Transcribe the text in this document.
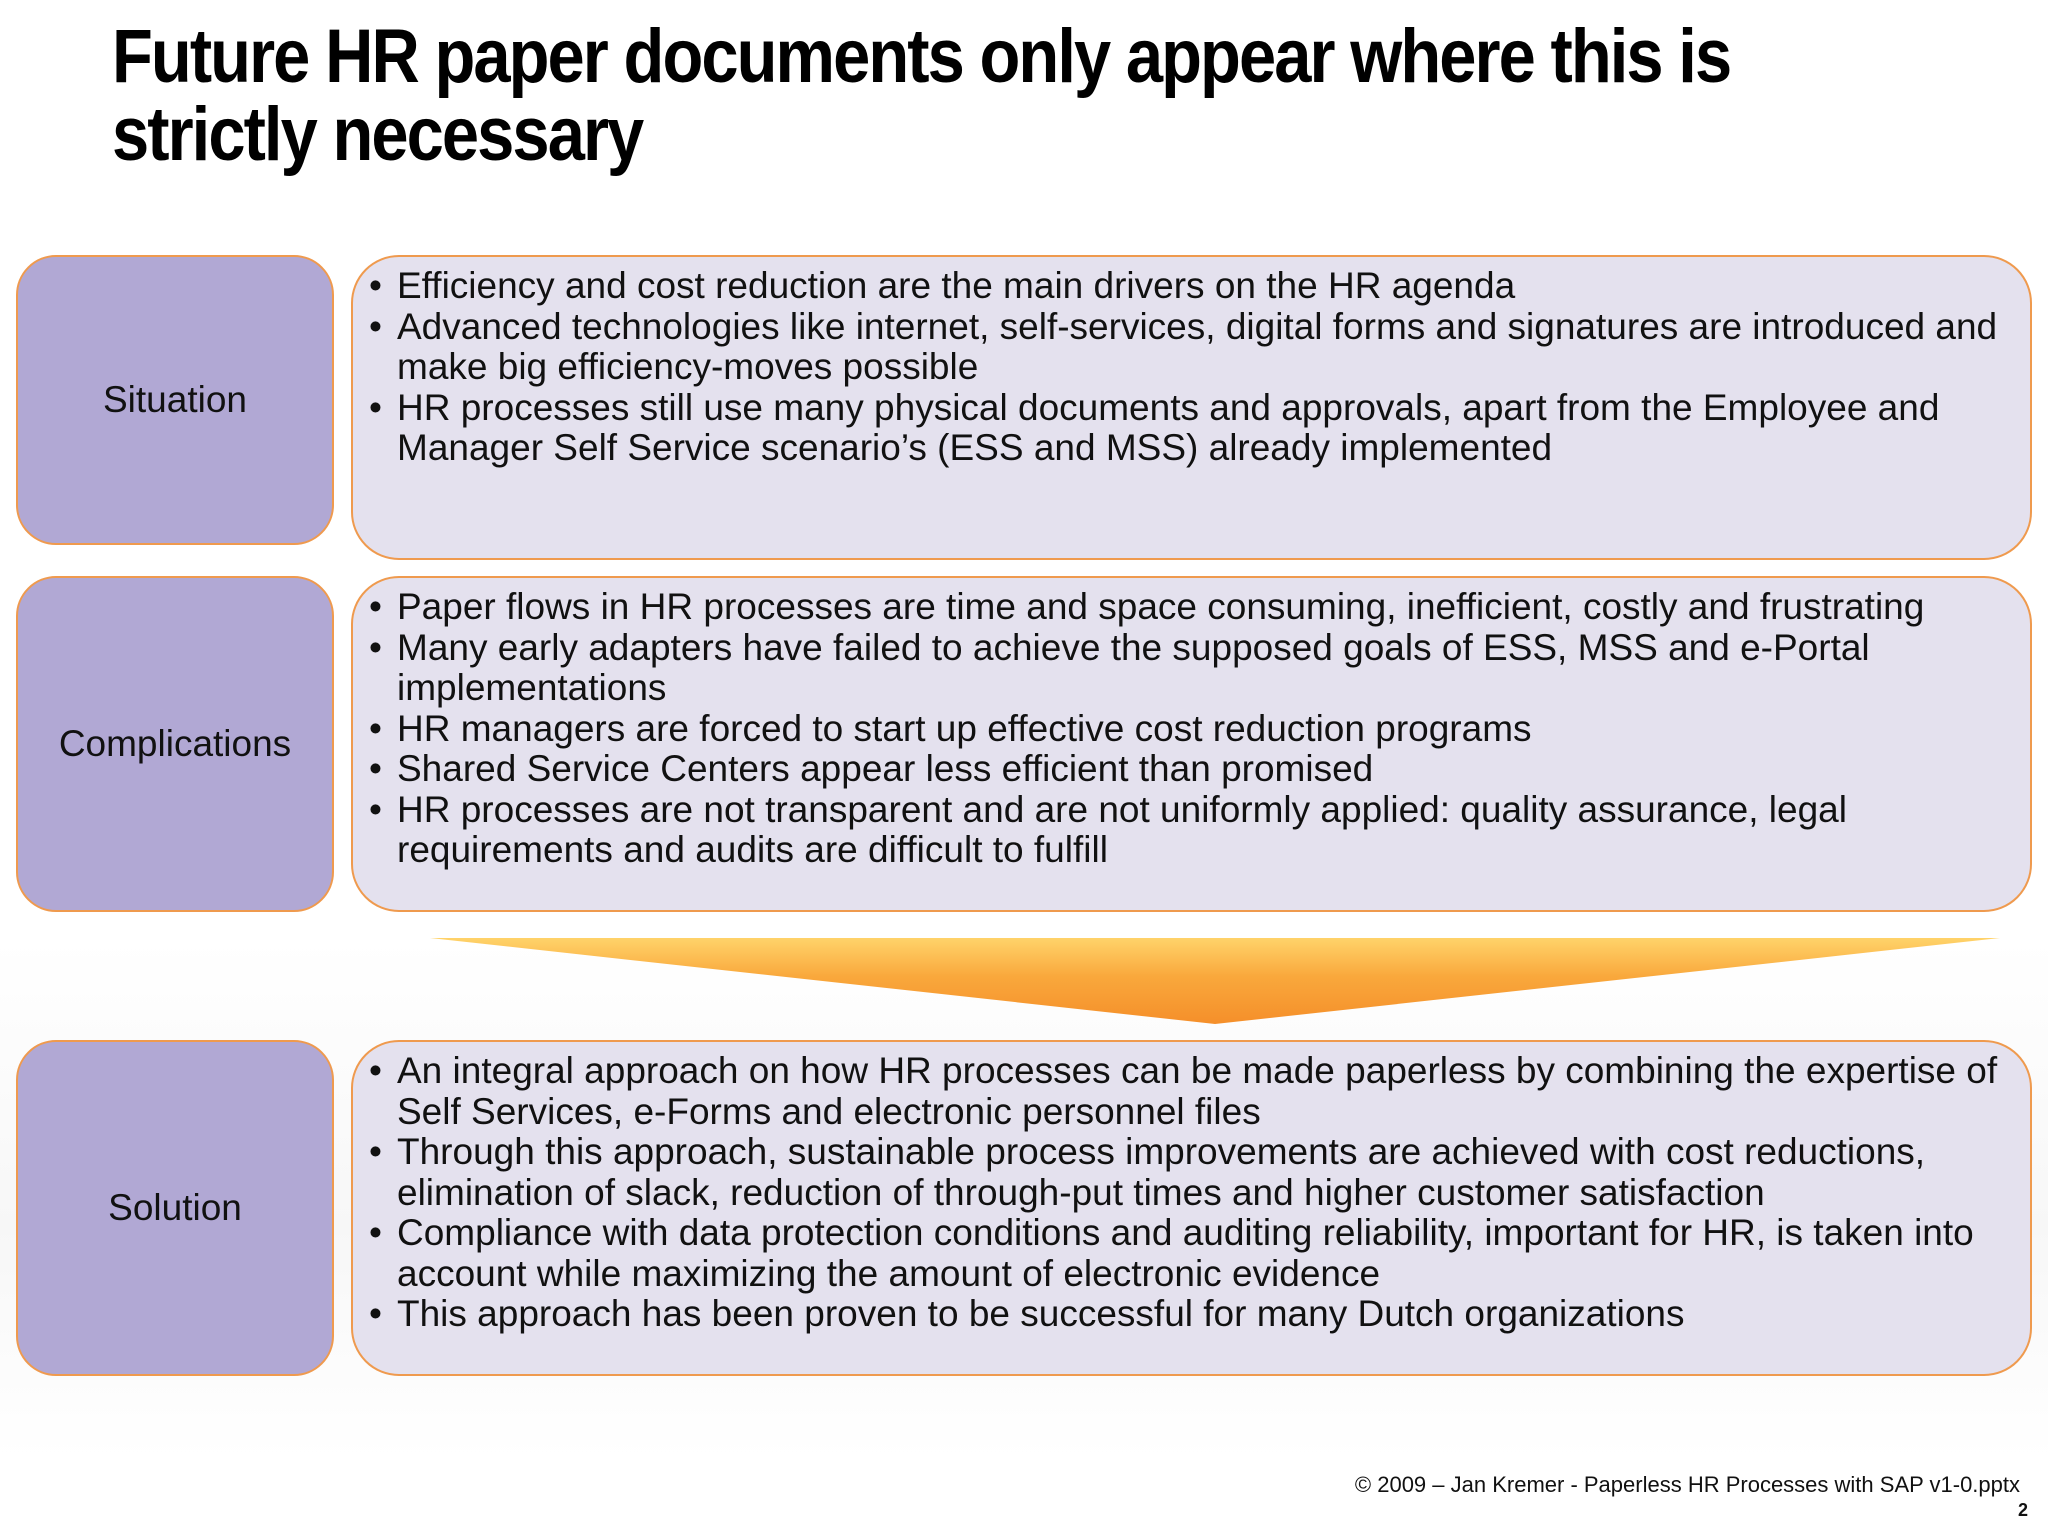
Future HR paper documents only appear where this is strictly necessary
Situation
• Efficiency and cost reduction are the main drivers on the HR agenda
• Advanced technologies like internet, self-services, digital forms and signatures are introduced and make big efficiency-moves possible
• HR processes still use many physical documents and approvals, apart from the Employee and Manager Self Service scenario’s (ESS and MSS) already implemented
Complications
• Paper flows in HR processes are time and space consuming, inefficient, costly and frustrating
• Many early adapters have failed to achieve the supposed goals of ESS, MSS and e-Portal implementations
• HR managers are forced to start up effective cost reduction programs
• Shared Service Centers appear less efficient than promised
• HR processes are not transparent and are not uniformly applied: quality assurance, legal requirements and audits are difficult to fulfill
Solution
• An integral approach on how HR processes can be made paperless by combining the expertise of Self Services, e-Forms and electronic personnel files
• Through this approach, sustainable process improvements are achieved with cost reductions, elimination of slack, reduction of through-put times and higher customer satisfaction
• Compliance with data protection conditions and auditing reliability, important for HR, is taken into account while maximizing the amount of electronic evidence
• This approach has been proven to be successful for many Dutch organizations
© 2009 – Jan Kremer - Paperless HR Processes with SAP v1-0.pptx
2
